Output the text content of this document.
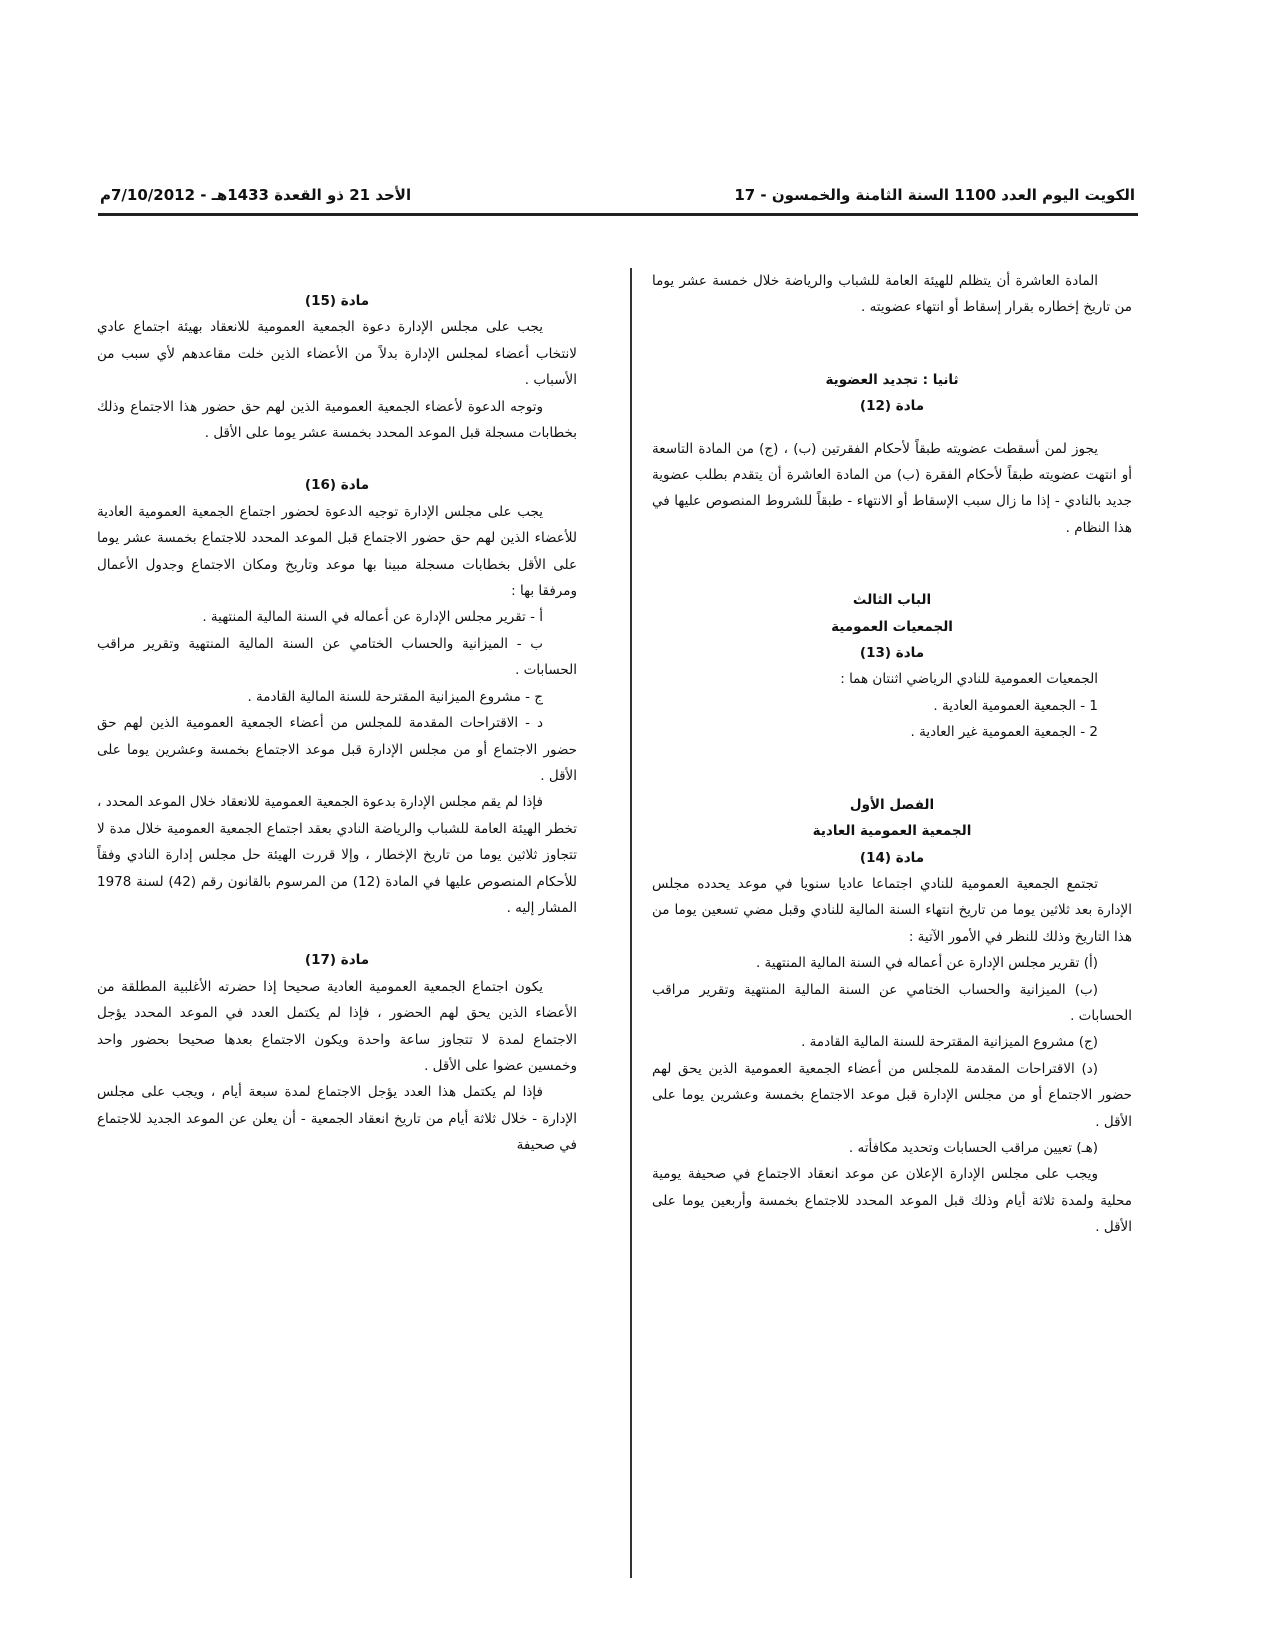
الكويت اليوم العدد 1100 السنة الثامنة والخمسون - 17
الأحد 21 ذو القعدة 1433هـ - 7/10/2012م

المادة العاشرة أن يتظلم للهيئة العامة للشباب والرياضة خلال خمسة عشر يوما من تاريخ إخطاره بقرار إسقاط أو انتهاء عضويته .

ثانيا : تجديد العضوية

مادة (12)

يجوز لمن أسقطت عضويته طبقاً لأحكام الفقرتين (ب) ، (ج) من المادة التاسعة أو انتهت عضويته طبقاً لأحكام الفقرة (ب) من المادة العاشرة أن يتقدم بطلب عضوية جديد بالنادي - إذا ما زال سبب الإسقاط أو الانتهاء - طبقاً للشروط المنصوص عليها في هذا النظام .

الباب الثالث

الجمعيات العمومية

مادة (13)

الجمعيات العمومية للنادي الرياضي اثنتان هما :

1 - الجمعية العمومية العادية .

2 - الجمعية العمومية غير العادية .

الفصل الأول

الجمعية العمومية العادية

مادة (14)

تجتمع الجمعية العمومية للنادي اجتماعا عاديا سنويا في موعد يحدده مجلس الإدارة بعد ثلاثين يوما من تاريخ انتهاء السنة المالية للنادي وقبل مضي تسعين يوما من هذا التاريخ وذلك للنظر في الأمور الآتية :

(أ) تقرير مجلس الإدارة عن أعماله في السنة المالية المنتهية .

(ب) الميزانية والحساب الختامي عن السنة المالية المنتهية وتقرير مراقب الحسابات .

(ج) مشروع الميزانية المقترحة للسنة المالية القادمة .

(د) الاقتراحات المقدمة للمجلس من أعضاء الجمعية العمومية الذين يحق لهم حضور الاجتماع أو من مجلس الإدارة قبل موعد الاجتماع بخمسة وعشرين يوما على الأقل .

(هـ) تعيين مراقب الحسابات وتحديد مكافأته .

ويجب على مجلس الإدارة الإعلان عن موعد انعقاد الاجتماع في صحيفة يومية محلية ولمدة ثلاثة أيام وذلك قبل الموعد المحدد للاجتماع بخمسة وأربعين يوما على الأقل .

مادة (15)

يجب على مجلس الإدارة دعوة الجمعية العمومية للانعقاد بهيئة اجتماع عادي لانتخاب أعضاء لمجلس الإدارة بدلاً من الأعضاء الذين خلت مقاعدهم لأي سبب من الأسباب .

وتوجه الدعوة لأعضاء الجمعية العمومية الذين لهم حق حضور هذا الاجتماع وذلك بخطابات مسجلة قبل الموعد المحدد بخمسة عشر يوما على الأقل .

مادة (16)

يجب على مجلس الإدارة توجيه الدعوة لحضور اجتماع الجمعية العمومية العادية للأعضاء الذين لهم حق حضور الاجتماع قبل الموعد المحدد للاجتماع بخمسة عشر يوما على الأقل بخطابات مسجلة مبينا بها موعد وتاريخ ومكان الاجتماع وجدول الأعمال ومرفقا بها :

أ - تقرير مجلس الإدارة عن أعماله في السنة المالية المنتهية .

ب - الميزانية والحساب الختامي عن السنة المالية المنتهية وتقرير مراقب الحسابات .

ج - مشروع الميزانية المقترحة للسنة المالية القادمة .

د - الاقتراحات المقدمة للمجلس من أعضاء الجمعية العمومية الذين لهم حق حضور الاجتماع أو من مجلس الإدارة قبل موعد الاجتماع بخمسة وعشرين يوما على الأقل .

فإذا لم يقم مجلس الإدارة بدعوة الجمعية العمومية للانعقاد خلال الموعد المحدد ، تخطر الهيئة العامة للشباب والرياضة النادي بعقد اجتماع الجمعية العمومية خلال مدة لا تتجاوز ثلاثين يوما من تاريخ الإخطار ، وإلا قررت الهيئة حل مجلس إدارة النادي وفقاً للأحكام المنصوص عليها في المادة (12) من المرسوم بالقانون رقم (42) لسنة 1978 المشار إليه .

مادة (17)

يكون اجتماع الجمعية العمومية العادية صحيحا إذا حضرته الأغلبية المطلقة من الأعضاء الذين يحق لهم الحضور ، فإذا لم يكتمل العدد في الموعد المحدد يؤجل الاجتماع لمدة لا تتجاوز ساعة واحدة ويكون الاجتماع بعدها صحيحا بحضور واحد وخمسين عضوا على الأقل .

فإذا لم يكتمل هذا العدد يؤجل الاجتماع لمدة سبعة أيام ، ويجب على مجلس الإدارة - خلال ثلاثة أيام من تاريخ انعقاد الجمعية - أن يعلن عن الموعد الجديد للاجتماع في صحيفة
